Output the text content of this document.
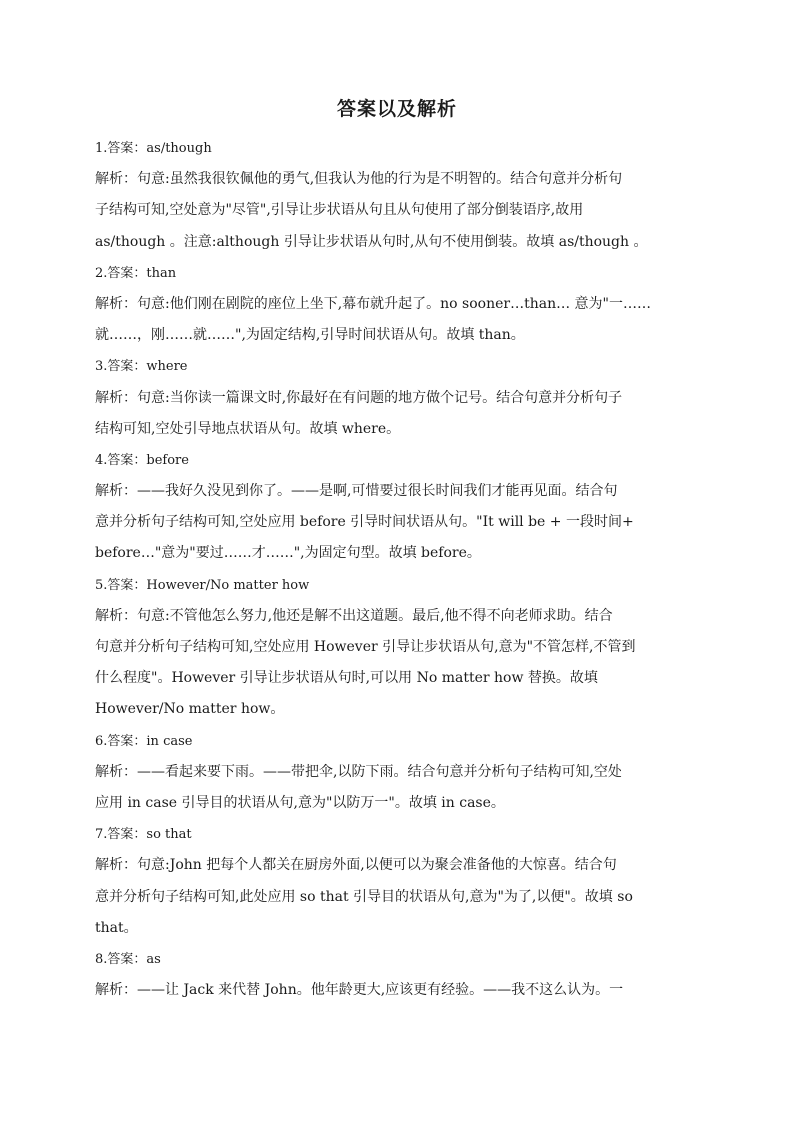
答案以及解析
1.答案：as/though
解析：句意:虽然我很钦佩他的勇气,但我认为他的行为是不明智的。结合句意并分析句
子结构可知,空处意为"尽管",引导让步状语从句且从句使用了部分倒装语序,故用
as/though 。注意:although 引导让步状语从句时,从句不使用倒装。故填 as/though 。
2.答案：than
解析：句意:他们刚在剧院的座位上坐下,幕布就升起了。no sooner…than… 意为"一……
就……，刚……就……",为固定结构,引导时间状语从句。故填 than。
3.答案：where
解析：句意:当你读一篇课文时,你最好在有问题的地方做个记号。结合句意并分析句子
结构可知,空处引导地点状语从句。故填 where。
4.答案：before
解析：——我好久没见到你了。——是啊,可惜要过很长时间我们才能再见面。结合句
意并分析句子结构可知,空处应用 before 引导时间状语从句。"It will be + 一段时间+
before…"意为"要过……才……",为固定句型。故填 before。
5.答案：However/No matter how
解析：句意:不管他怎么努力,他还是解不出这道题。最后,他不得不向老师求助。结合
句意并分析句子结构可知,空处应用 However 引导让步状语从句,意为"不管怎样,不管到
什么程度"。However 引导让步状语从句时,可以用 No matter how 替换。故填
However/No matter how。
6.答案：in case
解析：——看起来要下雨。——带把伞,以防下雨。结合句意并分析句子结构可知,空处
应用 in case 引导目的状语从句,意为"以防万一"。故填 in case。
7.答案：so that
解析：句意:John 把每个人都关在厨房外面,以便可以为聚会准备他的大惊喜。结合句
意并分析句子结构可知,此处应用 so that 引导目的状语从句,意为"为了,以便"。故填 so
that。
8.答案：as
解析：——让 Jack 来代替 John。他年龄更大,应该更有经验。——我不这么认为。一
